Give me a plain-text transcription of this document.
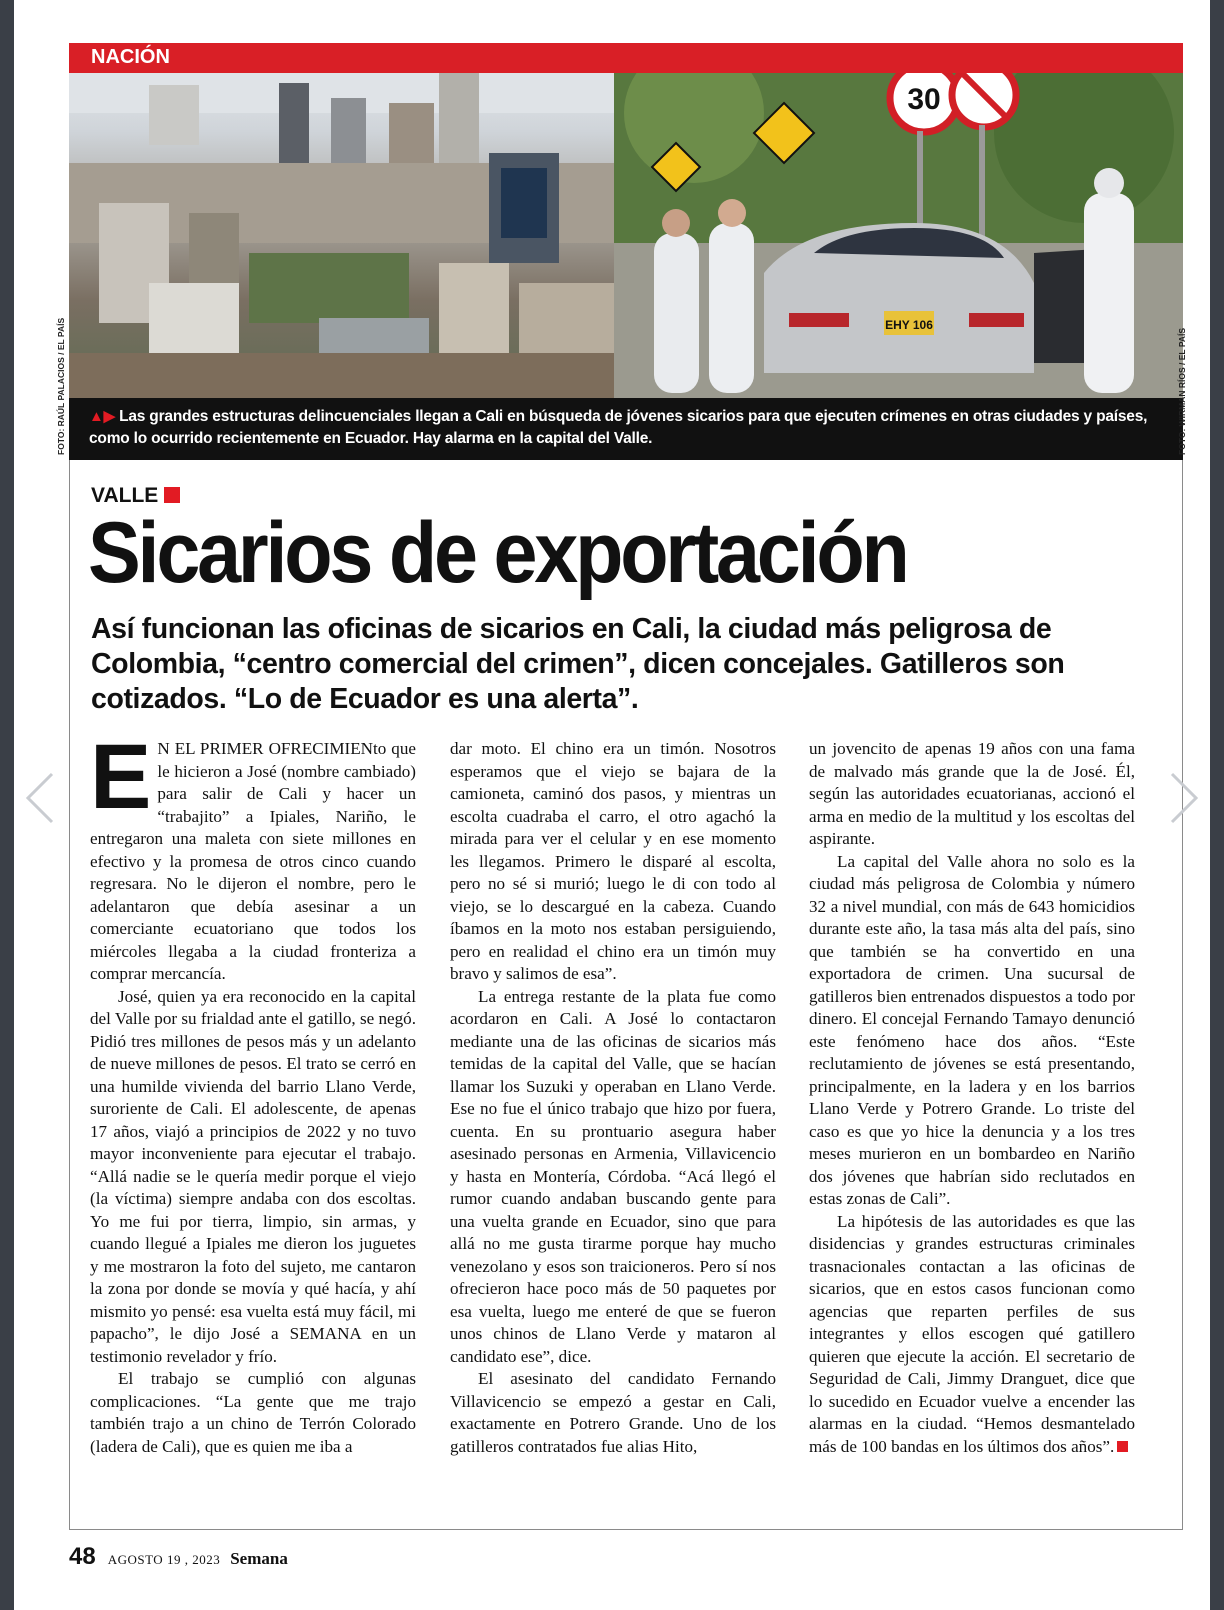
NACIÓN
30
EHY 106
▲▶ Las grandes estructuras delincuenciales llegan a Cali en búsqueda de jóvenes sicarios para que ejecuten crímenes en otras ciudades y países, como lo ocurrido recientemente en Ecuador. Hay alarma en la capital del Valle.
FOTO: RAÚL PALACIOS / EL PAÍS	FOTO: WIRMAN RÍOS / EL PAÍS
VALLE
Sicarios de exportación
Así funcionan las oficinas de sicarios en Cali, la ciudad más peligrosa de Colombia, “centro comercial del crimen”, dicen concejales. Gatilleros son cotizados. “Lo de Ecuador es una alerta”.

E N EL PRIMER OFRECIMIENto que le hicieron a José (nombre cambiado) para salir de Cali y hacer un “trabajito” a Ipiales, Nariño, le entregaron una maleta con siete millones en efectivo y la promesa de otros cinco cuando regresara. No le dijeron el nombre, pero le adelantaron que debía asesinar a un comerciante ecuatoriano que todos los miércoles llegaba a la ciudad fronteriza a comprar mercancía.

José, quien ya era reconocido en la capital del Valle por su frialdad ante el gatillo, se negó. Pidió tres millones de pesos más y un adelanto de nueve millones de pesos. El trato se cerró en una humilde vivienda del barrio Llano Verde, suroriente de Cali. El adolescente, de apenas 17 años, viajó a principios de 2022 y no tuvo mayor inconveniente para ejecutar el trabajo. “Allá nadie se le quería medir porque el viejo (la víctima) siempre andaba con dos escoltas. Yo me fui por tierra, limpio, sin armas, y cuando llegué a Ipiales me dieron los juguetes y me mostraron la foto del sujeto, me cantaron la zona por donde se movía y qué hacía, y ahí mismito yo pensé: esa vuelta está muy fácil, mi papacho”, le dijo José a SEMANA en un testimonio revelador y frío.

El trabajo se cumplió con algunas complicaciones. “La gente que me trajo también trajo a un chino de Terrón Colorado (ladera de Cali), que es quien me iba a

dar moto. El chino era un timón. Nosotros esperamos que el viejo se bajara de la camioneta, caminó dos pasos, y mientras un escolta cuadraba el carro, el otro agachó la mirada para ver el celular y en ese momento les llegamos. Primero le disparé al escolta, pero no sé si murió; luego le di con todo al viejo, se lo descargué en la cabeza. Cuando íbamos en la moto nos estaban persiguiendo, pero en realidad el chino era un timón muy bravo y salimos de esa”.

La entrega restante de la plata fue como acordaron en Cali. A José lo contactaron mediante una de las oficinas de sicarios más temidas de la capital del Valle, que se hacían llamar los Suzuki y operaban en Llano Verde. Ese no fue el único trabajo que hizo por fuera, cuenta. En su prontuario asegura haber asesinado personas en Armenia, Villavicencio y hasta en Montería, Córdoba. “Acá llegó el rumor cuando andaban buscando gente para una vuelta grande en Ecuador, sino que para allá no me gusta tirarme porque hay mucho venezolano y esos son traicioneros. Pero sí nos ofrecieron hace poco más de 50 paquetes por esa vuelta, luego me enteré de que se fueron unos chinos de Llano Verde y mataron al candidato ese”, dice.

El asesinato del candidato Fernando Villavicencio se empezó a gestar en Cali, exactamente en Potrero Grande. Uno de los gatilleros contratados fue alias Hito,

un jovencito de apenas 19 años con una fama de malvado más grande que la de José. Él, según las autoridades ecuatorianas, accionó el arma en medio de la multitud y los escoltas del aspirante.

La capital del Valle ahora no solo es la ciudad más peligrosa de Colombia y número 32 a nivel mundial, con más de 643 homicidios durante este año, la tasa más alta del país, sino que también se ha convertido en una exportadora de crimen. Una sucursal de gatilleros bien entrenados dispuestos a todo por dinero. El concejal Fernando Tamayo denunció este fenómeno hace dos años. “Este reclutamiento de jóvenes se está presentando, principalmente, en la ladera y en los barrios Llano Verde y Potrero Grande. Lo triste del caso es que yo hice la denuncia y a los tres meses murieron en un bombardeo en Nariño dos jóvenes que habrían sido reclutados en estas zonas de Cali”.

La hipótesis de las autoridades es que las disidencias y grandes estructuras criminales trasnacionales contactan a las oficinas de sicarios, que en estos casos funcionan como agencias que reparten perfiles de sus integrantes y ellos escogen qué gatillero quieren que ejecute la acción. El secretario de Seguridad de Cali, Jimmy Dranguet, dice que lo sucedido en Ecuador vuelve a encender las alarmas en la ciudad. “Hemos desmantelado más de 100 bandas en los últimos dos años”.

48 AGOSTO 19 , 2023 Semana
